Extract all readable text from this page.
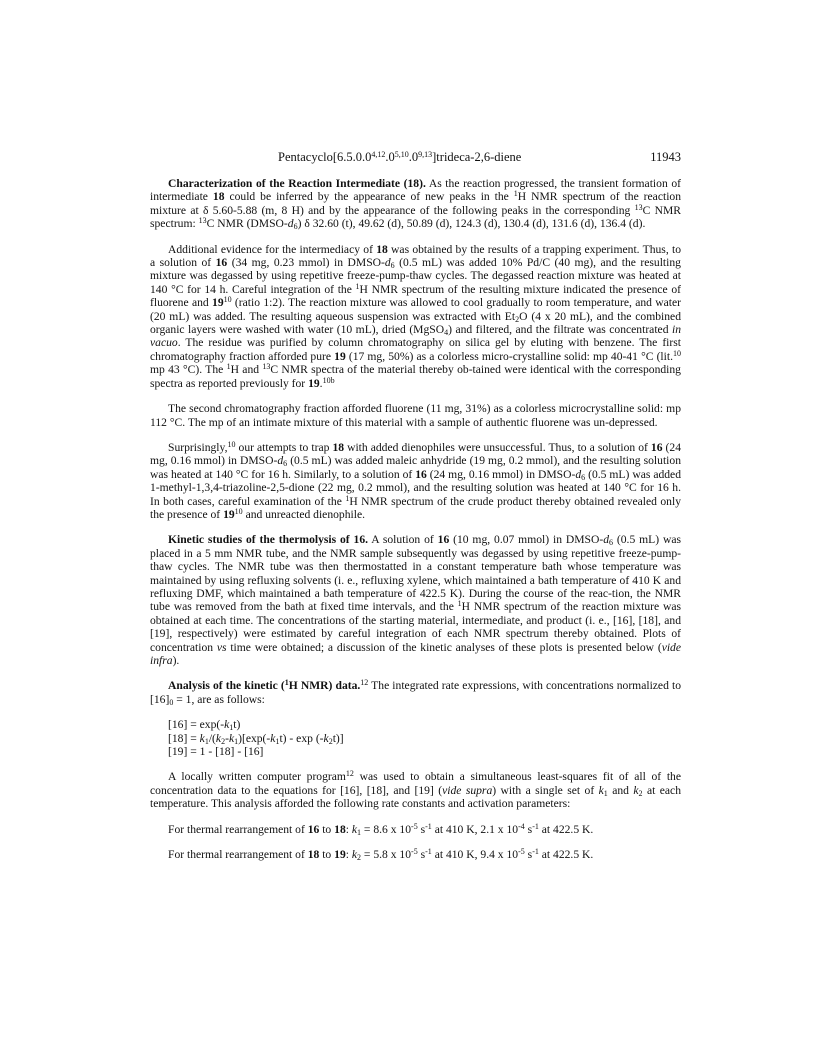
Pentacyclo[6.5.0.0$^{4,12}$.0$^{5,10}$.0$^{9,13}$]trideca-2,6-diene	11943

Characterization of the Reaction Intermediate (18). As the reaction progressed, the transient formation of intermediate 18 could be inferred by the appearance of new peaks in the $^1$H NMR spectrum of the reaction mixture at δ 5.60-5.88 (m, 8 H) and by the appearance of the following peaks in the corresponding $^{13}$C NMR spectrum: $^{13}$C NMR $(DMSO-d_6)$ δ 32.60 (t), 49.62 (d), 50.89 (d), 124.3 (d), 130.4 (d), 131.6 (d), 136.4 (d).

Additional evidence for the intermediacy of 18 was obtained by the results of a trapping experiment. Thus, to a solution of 16 (34 mg, 0.23 mmol) in DMSO-$d_6$ (0.5 mL) was added 10% Pd/C (40 mg), and the resulting mixture was degassed by using repetitive freeze-pump-thaw cycles. The degassed reaction mixture was heated at 140 °C for 14 h. Careful integration of the $^1$H NMR spectrum of the resulting mixture indicated the presence of fluorene and $19^{10}$ (ratio 1:2). The reaction mixture was allowed to cool gradually to room temperature, and water (20 mL) was added. The resulting aqueous suspension was extracted with $Et_2O$ (4 x 20 mL), and the combined organic layers were washed with water (10 mL), dried (MgSO$_4$) and filtered, and the filtrate was concentrated in vacuo. The residue was purified by column chromatography on silica gel by eluting with benzene. The first chromatography fraction afforded pure 19 (17 mg, 50%) as a colorless micro-crystalline solid: mp 40-41 °C (lit.$^{10}$ mp 43 °C). The $^1$H and $^{13}$C NMR spectra of the material thereby ob-tained were identical with the corresponding spectra as reported previously for 19.$^{10b}$

The second chromatography fraction afforded fluorene (11 mg, 31%) as a colorless microcrystalline solid: mp 112 °C. The mp of an intimate mixture of this material with a sample of authentic fluorene was un-depressed.

Surprisingly,$^{10}$ our attempts to trap 18 with added dienophiles were unsuccessful. Thus, to a solution of 16 (24 mg, 0.16 mmol) in DMSO-$d_6$ (0.5 mL) was added maleic anhydride (19 mg, 0.2 mmol), and the resulting solution was heated at 140 °C for 16 h. Similarly, to a solution of 16 (24 mg, 0.16 mmol) in DMSO-$d_6$ (0.5 mL) was added 1-methyl-1,3,4-triazoline-2,5-dione (22 mg, 0.2 mmol), and the resulting solution was heated at 140 °C for 16 h. In both cases, careful examination of the $^1$H NMR spectrum of the crude product thereby obtained revealed only the presence of $19^{10}$ and unreacted dienophile.

Kinetic studies of the thermolysis of 16. A solution of 16 (10 mg, 0.07 mmol) in DMSO-$d_6$ (0.5 mL) was placed in a 5 mm NMR tube, and the NMR sample subsequently was degassed by using repetitive freeze-pump-thaw cycles. The NMR tube was then thermostatted in a constant temperature bath whose temperature was maintained by using refluxing solvents (i. e., refluxing xylene, which maintained a bath temperature of 410 K and refluxing DMF, which maintained a bath temperature of 422.5 K). During the course of the reac-tion, the NMR tube was removed from the bath at fixed time intervals, and the $^1$H NMR spectrum of the reaction mixture was obtained at each time. The concentrations of the starting material, intermediate, and product (i. e., [16], [18], and [19], respectively) were estimated by careful integration of each NMR spectrum thereby obtained. Plots of concentration vs time were obtained; a discussion of the kinetic analyses of these plots is presented below (vide infra).

Analysis of the kinetic ($^1$H NMR) data.$^{12}$ The integrated rate expressions, with concentrations normalized to $[16]_0 = 1$, are as follows:

$[16] = \exp(-k_1t)$
$[18] = k_1/(k_2-k_1)[\exp(-k_1t) - \exp (-k_2t)]$
[19] = 1 - [18] - [16]

A locally written computer program$^{12}$ was used to obtain a simultaneous least-squares fit of all of the concentration data to the equations for [16], [18], and [19] (vide supra) with a single set of $k_1$ and $k_2$ at each temperature. This analysis afforded the following rate constants and activation parameters:

For thermal rearrangement of 16 to 18: $k_1 = 8.6$ x $10^{-5}$ $s^{-1}$ at 410 K, 2.1 x $10^{-4}$ $s^{-1}$ at 422.5 K.
For thermal rearrangement of 18 to 19: $k_2 = 5.8$ x $10^{-5}$ $s^{-1}$ at 410 K, 9.4 x $10^{-5}$ $s^{-1}$ at 422.5 K.
